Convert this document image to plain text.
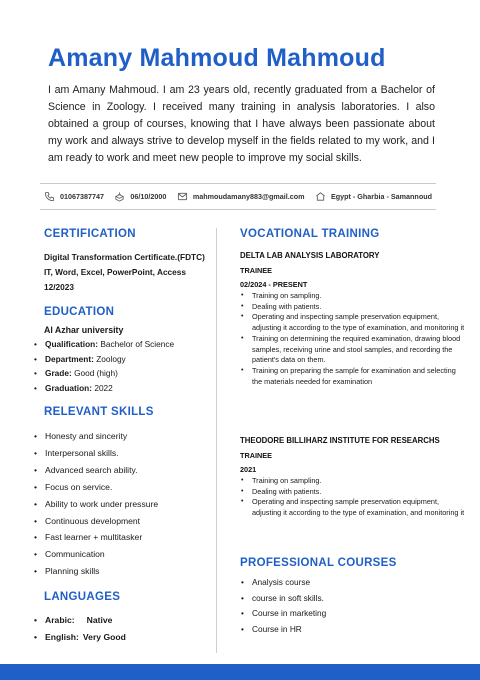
Amany Mahmoud Mahmoud

I am Amany Mahmoud. I am 23 years old, recently graduated from a Bachelor of Science in Zoology. I received many training in analysis laboratories. I also obtained a group of courses, knowing that I have always been passionate about my work and always strive to develop myself in the fields related to my work, and I am ready to work and meet new people to improve my social skills.

01067387747	06/10/2000	mahmoudamany883@gmail.com	Egypt - Gharbia - Samannoud
CERTIFICATION
Digital Transformation Certificate.(FDTC)
IT, Word, Excel, PowerPoint, Access
12/2023
EDUCATION
Al Azhar university
• Qualification: Bachelor of Science
• Department: Zoology
• Grade: Good (high)
• Graduation: 2022
RELEVANT SKILLS
• Honesty and sincerity
• Interpersonal skills.
• Advanced search ability.
• Focus on service.
• Ability to work under pressure
• Continuous development
• Fast learner + multitasker
• Communication
• Planning skills
LANGUAGES
• Arabic: Native
• English: Very Good
VOCATIONAL TRAINING
DELTA LAB ANALYSIS LABORATORY
TRAINEE
02/2024 - PRESENT
• Training on sampling.
• Dealing with patients.
• Operating and inspecting sample preservation equipment, adjusting it according to the type of examination, and monitoring it
• Training on determining the required examination, drawing blood samples, receiving urine and stool samples, and recording the patient's data on them.
• Training on preparing the sample for examination and selecting the materials needed for examination
THEODORE BILLIHARZ INSTITUTE FOR RESEARCHS
TRAINEE
2021
• Training on sampling.
• Dealing with patients.
• Operating and inspecting sample preservation equipment, adjusting it according to the type of examination, and monitoring it
PROFESSIONAL COURSES
• Analysis course
• course in soft skills.
• Course in marketing
• Course in HR
